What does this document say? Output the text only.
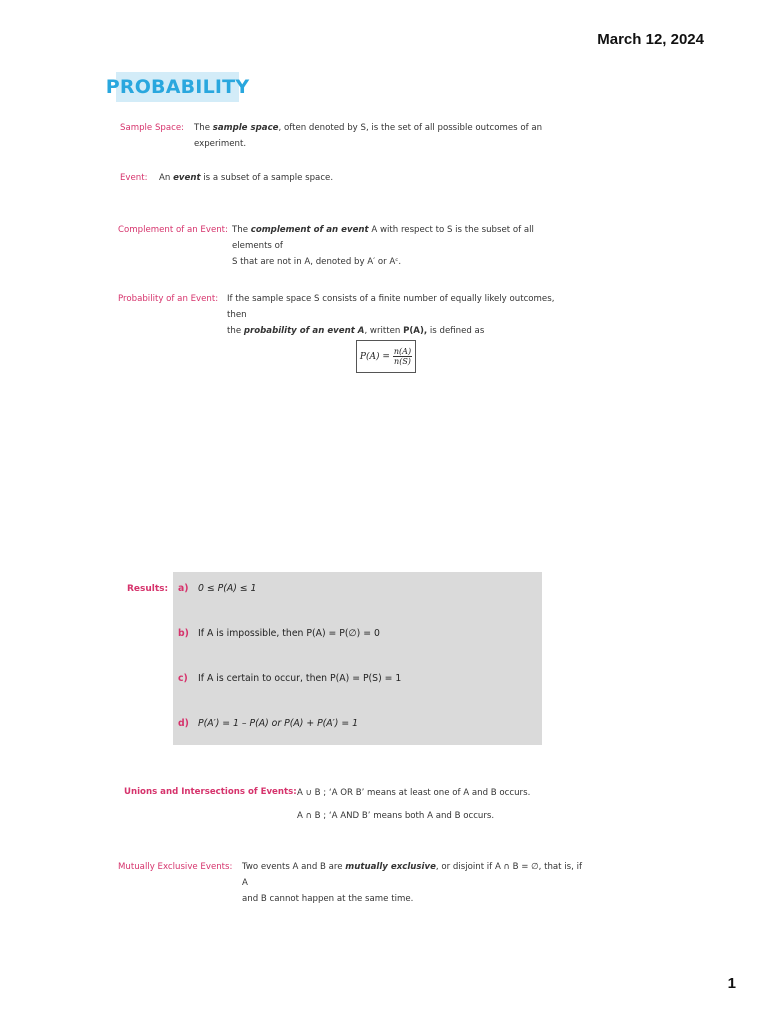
March 12, 2024
PROBABILITY
Sample Space: The sample space, often denoted by S, is the set of all possible outcomes of an
experiment.
Event: An event is a subset of a sample space.
Complement of an Event: The complement of an event A with respect to S is the subset of all elements of
S that are not in A, denoted by A′ or Aᶜ.
Probability of an Event: If the sample space S consists of a finite number of equally likely outcomes, then
the probability of an event A, written P(A), is defined as
$P(A) = \frac{n(A)}{n(S)}$
Results: a) 0 ≤ P(A) ≤ 1
b) If A is impossible, then P(A) = P(∅) = 0
c) If A is certain to occur, then P(A) = P(S) = 1
d) P(A′) = 1 – P(A) or P(A) + P(A′) = 1
Unions and Intersections of Events: A ∪ B ; ‘A OR B’ means at least one of A and B occurs.
A ∩ B ; ‘A AND B’ means both A and B occurs.
Mutually Exclusive Events: Two events A and B are mutually exclusive, or disjoint if A ∩ B = ∅, that is, if A
and B cannot happen at the same time.
1
